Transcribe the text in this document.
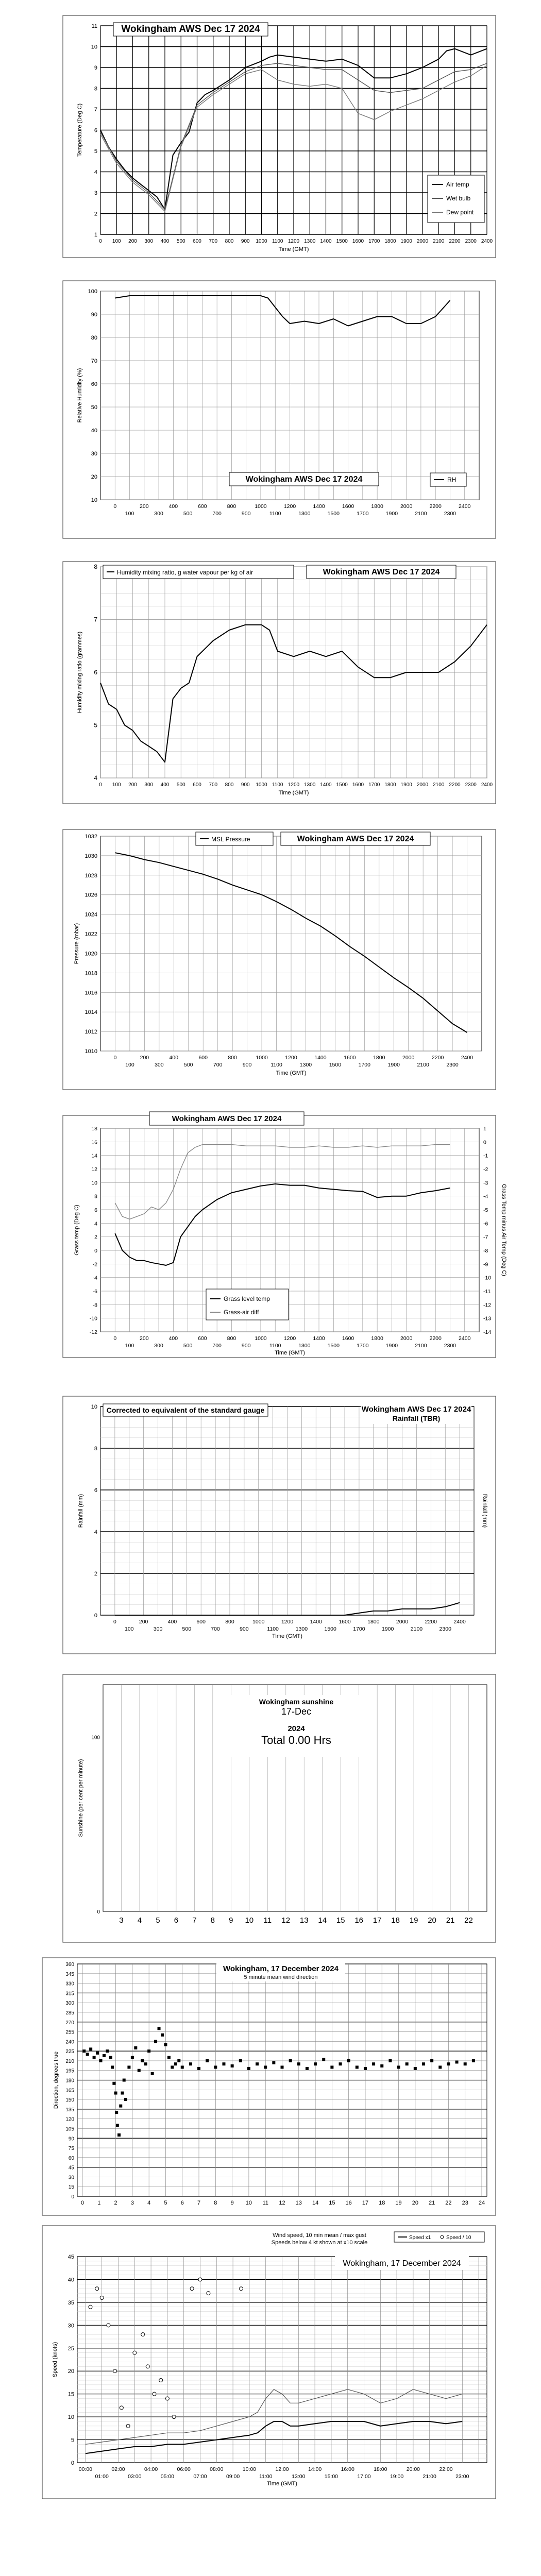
1
2
3
4
5
6
7
8
9
10
11
0 100 200 300 400 500 600 700 800 900 1000 1100 1200 1300 1400 1500 1600 1700 1800 1900 2000 2100 2200 2300 2400
Time (GMT)
Temperature (Deg C)
Wokingham AWS Dec 17 2024
Air temp
Wet bulb
Dew point
10
20
30
40
50
60
70
80
90
100
0	200	400	600	800	1000	1200	1400	1600	1800	2000	2200	2400
100	300	500	700	900	1100	1300	1500	1700	1900	2100	2300
Relative Humidity (%)
Wokingham AWS Dec 17 2024	RH
4
5
6
7
8
0 100 200 300 400 500 600 700 800 900 1000 1100 1200 1300 1400 1500 1600 1700 1800 1900 2000 2100 2200 2300 2400
Time (GMT)
Humidity mixing ratio (grammes)
Humidity mixing ratio, g water vapour per kg of air	Wokingham AWS Dec 17 2024
1010
1012
1014
1016
1018
1020
1022
1024
1026
1028
1030
1032
0	200	400	600	800	1000	1200	1400	1600	1800	2000	2200	2400
100	300	500	700	900	1100	1300	1500	1700	1900	2100	2300
Time (GMT)
Pressure (mbar)
MSL Pressure	Wokingham AWS Dec 17 2024
-12
-10
-8
-6
-4
-2
0
2
4
6
8
10
12
14
16
18
-14
-13
-12
-11
-10
-9
-8
-7
-6
-5
-4
-3
-2
-1
0
1
0	200	400	600	800	1000	1200	1400	1600	1800	2000	2200	2400
100	300	500	700	900	1100	1300	1500	1700	1900	2100	2300
Time (GMT)
Grass temp (Deg C)	Grass Temp minus Air Temp (Deg C)
Wokingham AWS Dec 17 2024
Grass level temp
Grass-air diff
0
2
4
6
8
10
0	200	400	600	800	1000	1200	1400	1600	1800	2000	2200	2400
100	300	500	700	900	1100	1300	1500	1700	1900	2100	2300
Time (GMT)
Rainfall (mm)	Rainfall (mm)
Corrected to equivalent of the standard gauge	Wokingham AWS Dec 17 2024
Rainfall (TBR)
0
100
3 4 5 6 7 8 9 10 11 12 13 14 15 16 17 18 19 20 21 22
Sunshine (per cent per minute)
Wokingham sunshine
17-Dec
2024
Total 0.00 Hrs
0
15
30
45
60
75
90
105
120
135
150
165
180
195
210
225
240
255
270
285
300
315
330
345
360
0 1 2 3 4 5 6 7 8 9 10 11 12 13 14 15 16 17 18 19 20 21 22 23 24
Direction, degrees true
Wokingham, 17 December 2024
5 minute mean wind direction
0
5
10
15
20
25
30
35
40
45
00:00	02:00	04:00	06:00	08:00	10:00	12:00	14:00	16:00	18:00	20:00	22:00
01:00	03:00	05:00	07:00	09:00	11:00	13:00	15:00	17:00	19:00	21:00	23:00
Time (GMT)
Speed (knots)
Wind speed, 10 min mean / max gust
Speeds below 4 kt shown at x10 scale
Speed x1	Speed / 10
Wokingham, 17 December 2024
